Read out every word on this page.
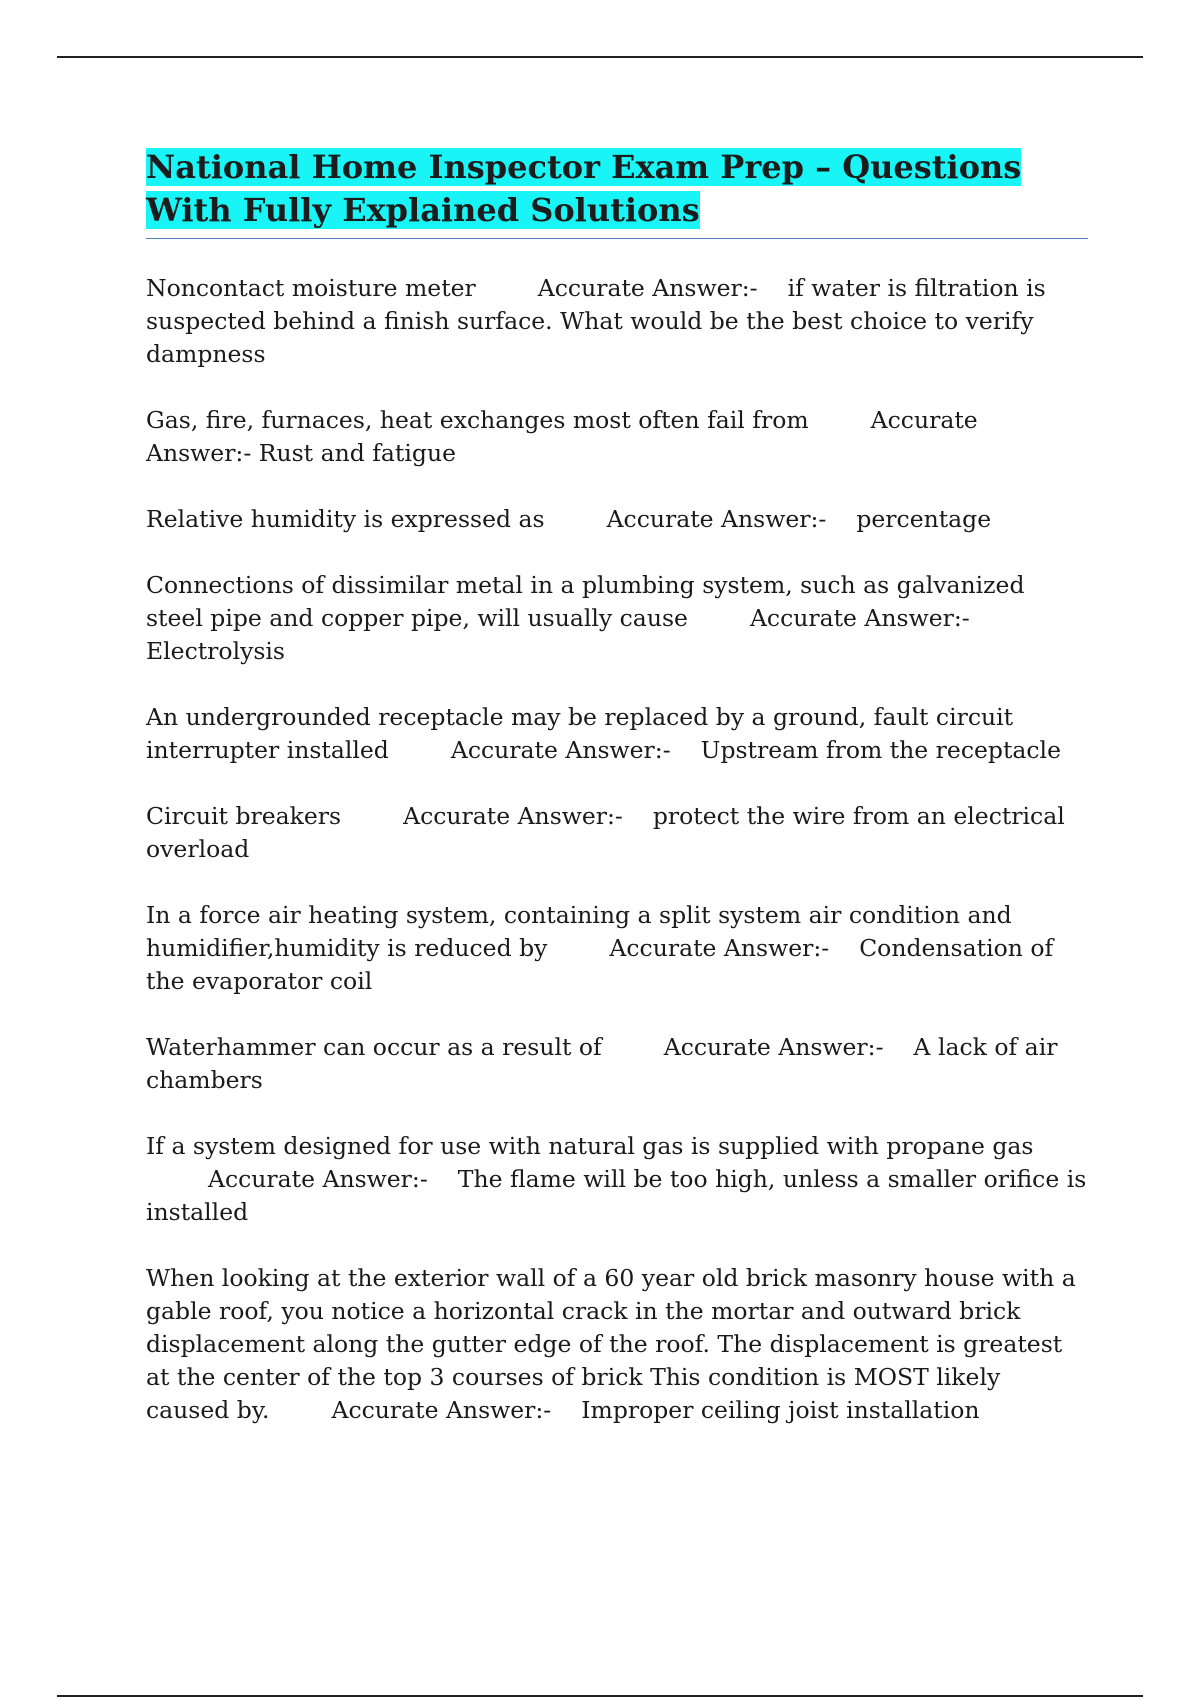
National Home Inspector Exam Prep – Questions With Fully Explained Solutions

Noncontact moisture meter	Accurate Answer:- if water is filtration is suspected behind a finish surface. What would be the best choice to verify dampness

Gas, fire, furnaces, heat exchanges most often fail from	Accurate Answer:- Rust and fatigue

Relative humidity is expressed as	Accurate Answer:- percentage

Connections of dissimilar metal in a plumbing system, such as galvanized steel pipe and copper pipe, will usually cause	Accurate Answer:-Electrolysis

An undergrounded receptacle may be replaced by a ground, fault circuit interrupter installed	Accurate Answer:- Upstream from the receptacle

Circuit breakers	Accurate Answer:- protect the wire from an electrical overload

In a force air heating system, containing a split system air condition and humidifier,humidity is reduced by	Accurate Answer:- Condensation of the evaporator coil

Waterhammer can occur as a result of	Accurate Answer:- A lack of air chambers

If a system designed for use with natural gas is supplied with propane gasAccurate Answer:- The flame will be too high, unless a smaller orifice is installed

When looking at the exterior wall of a 60 year old brick masonry house with a gable roof, you notice a horizontal crack in the mortar and outward brick displacement along the gutter edge of the roof. The displacement is greatest at the center of the top 3 courses of brick This condition is MOST likely caused by.	Accurate Answer:- Improper ceiling joist installation
